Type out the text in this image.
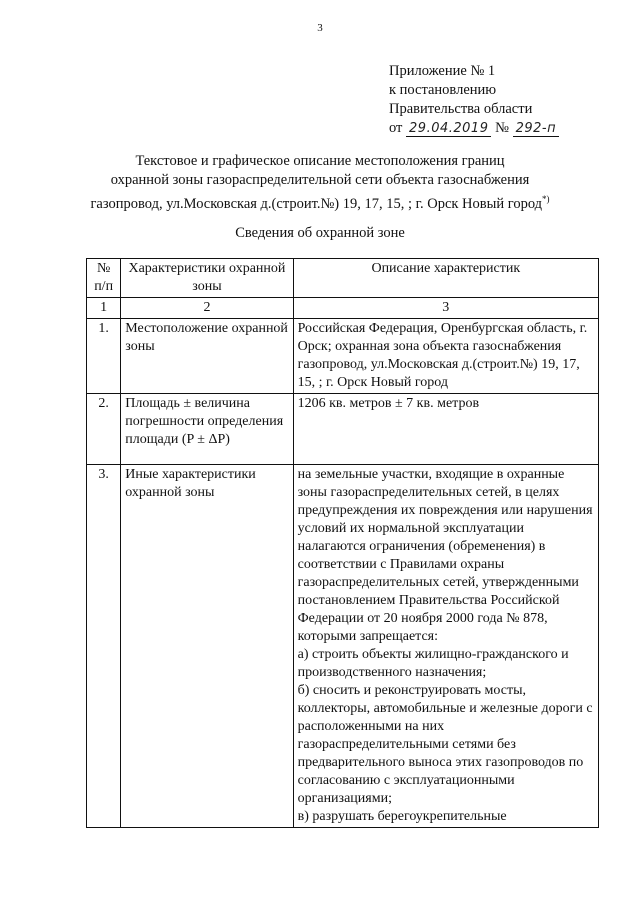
3
Приложение № 1
к постановлению
Правительства области
от 29.04.2019 № 292-п
Текстовое и графическое описание местоположения границ
охранной зоны газораспределительной сети объекта газоснабжения
газопровод, ул.Московская д.(строит.№) 19, 17, 15, ; г. Орск Новый город*)
Сведения об охранной зоне
№ п/п	Характеристики охранной зоны	Описание характеристик
1	2	3
1.	Местоположение охранной зоны	Российская Федерация, Оренбургская область, г. Орск; охранная зона объекта газоснабжения газопровод, ул.Московская д.(строит.№) 19, 17, 15, ; г. Орск Новый город
2.	Площадь ± величина погрешности определения площади (P ± ΔP)	1206 кв. метров ± 7 кв. метров
3.	Иные характеристики охранной зоны	на земельные участки, входящие в охранные зоны газораспределительных сетей, в целях предупреждения их повреждения или нарушения условий их нормальной эксплуатации налагаются ограничения (обременения) в соответствии с Правилами охраны газораспределительных сетей, утвержденными постановлением Правительства Российской Федерации от 20 ноября 2000 года № 878, которыми запрещается:
а) строить объекты жилищно-гражданского и производственного назначения;
б) сносить и реконструировать мосты, коллекторы, автомобильные и железные дороги с расположенными на них газораспределительными сетями без предварительного выноса этих газопроводов по согласованию с эксплуатационными организациями;
в) разрушать берегоукрепительные
